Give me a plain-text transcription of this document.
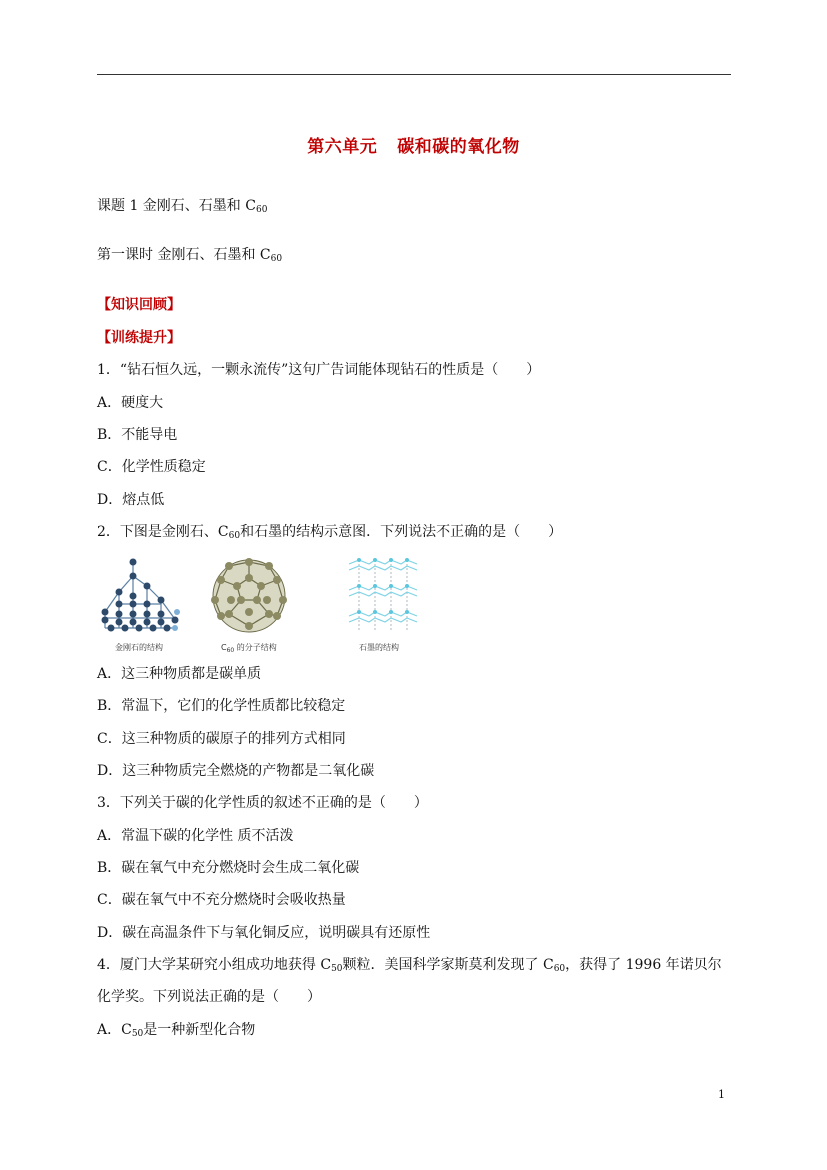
第六单元 碳和碳的氧化物
课题 1 金刚石、石墨和 $C_{60}$
第一课时 金刚石、石墨和 $C_{60}$
【知识回顾】
【训练提升】
1．“钻石恒久远，一颗永流传”这句广告词能体现钻石的性质是（　　）
A．硬度大
B．不能导电
C．化学性质稳定
D．熔点低
2．下图是金刚石、$C_{60}$和石墨的结构示意图．下列说法不正确的是（　　）
金刚石的结构	$C_{60}$ 的分子结构	石墨的结构
A．这三种物质都是碳单质
B．常温下，它们的化学性质都比较稳定
C．这三种物质的碳原子的排列方式相同
D．这三种物质完全燃烧的产物都是二氧化碳
3．下列关于碳的化学性质的叙述不正确的是（　　）
A．常温下碳的化学性 质不活泼
B．碳在氧气中充分燃烧时会生成二氧化碳
C．碳在氧气中不充分燃烧时会吸收热量
D．碳在高温条件下与氧化铜反应，说明碳具有还原性
4．厦门大学某研究小组成功地获得 $C_{50}$颗粒．美国科学家斯莫利发现了 $C_{60}$，获得了 1996 年诺贝尔
化学奖。下列说法正确的是（　　）
A．$C_{50}$是一种新型化合物
1
